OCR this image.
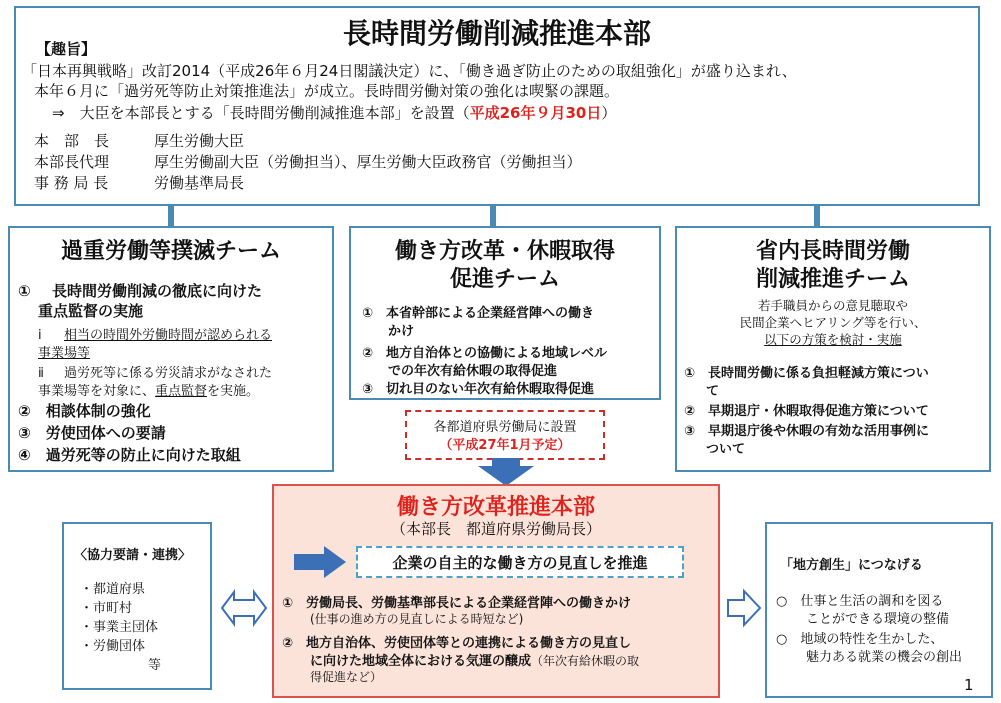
長時間労働削減推進本部
【趣旨】
「日本再興戦略」改訂2014（平成26年６月24日閣議決定）に、「働き過ぎ防止のための取組強化」が盛り込まれ、
本年６月に「過労死等防止対策推進法」が成立。長時間労働対策の強化は喫緊の課題。
⇒　大臣を本部長とする「長時間労働削減推進本部」を設置（平成26年９月30日）
本　部　長	厚生労働大臣
本部長代理	厚生労働副大臣（労働担当）、厚生労働大臣政務官（労働担当）
事 務 局 長	労働基準局長
過重労働等撲滅チーム
① 長時間労働削減の徹底に向けた
重点監督の実施
ⅰ 相当の時間外労働時間が認められる
事業場等
ⅱ 過労死等に係る労災請求がなされた
事業場等を対象に、重点監督を実施。
②　相談体制の強化
③　労使団体への要請
④　過労死等の防止に向けた取組
働き方改革・休暇取得
促進チーム
①　本省幹部による企業経営陣への働き
かけ
②　地方自治体との協働による地域レベル
での年次有給休暇の取得促進
③　切れ目のない年次有給休暇取得促進
省内長時間労働
削減推進チーム
若手職員からの意見聴取や
民間企業へヒアリング等を行い、
以下の方策を検討・実施
①　長時間労働に係る負担軽減方策につい
て
②　早期退庁・休暇取得促進方策について
③　早期退庁後や休暇の有効な活用事例に
ついて
各都道府県労働局に設置
（平成27年1月予定）
働き方改革推進本部
（本部長　都道府県労働局長）
企業の自主的な働き方の見直しを推進
①　労働局長、労働基準部長による企業経営陣への働きかけ
(仕事の進め方の見直しによる時短など)
②　地方自治体、労使団体等との連携による働き方の見直し
に向けた地域全体における気運の醸成（年次有給休暇の取
得促進など）
〈協力要請・連携〉
・都道府県
・市町村
・事業主団体
・労働団体
等
「地方創生」につなげる
○　仕事と生活の調和を図る
ことができる環境の整備
○　地域の特性を生かした、
魅力ある就業の機会の創出
1
